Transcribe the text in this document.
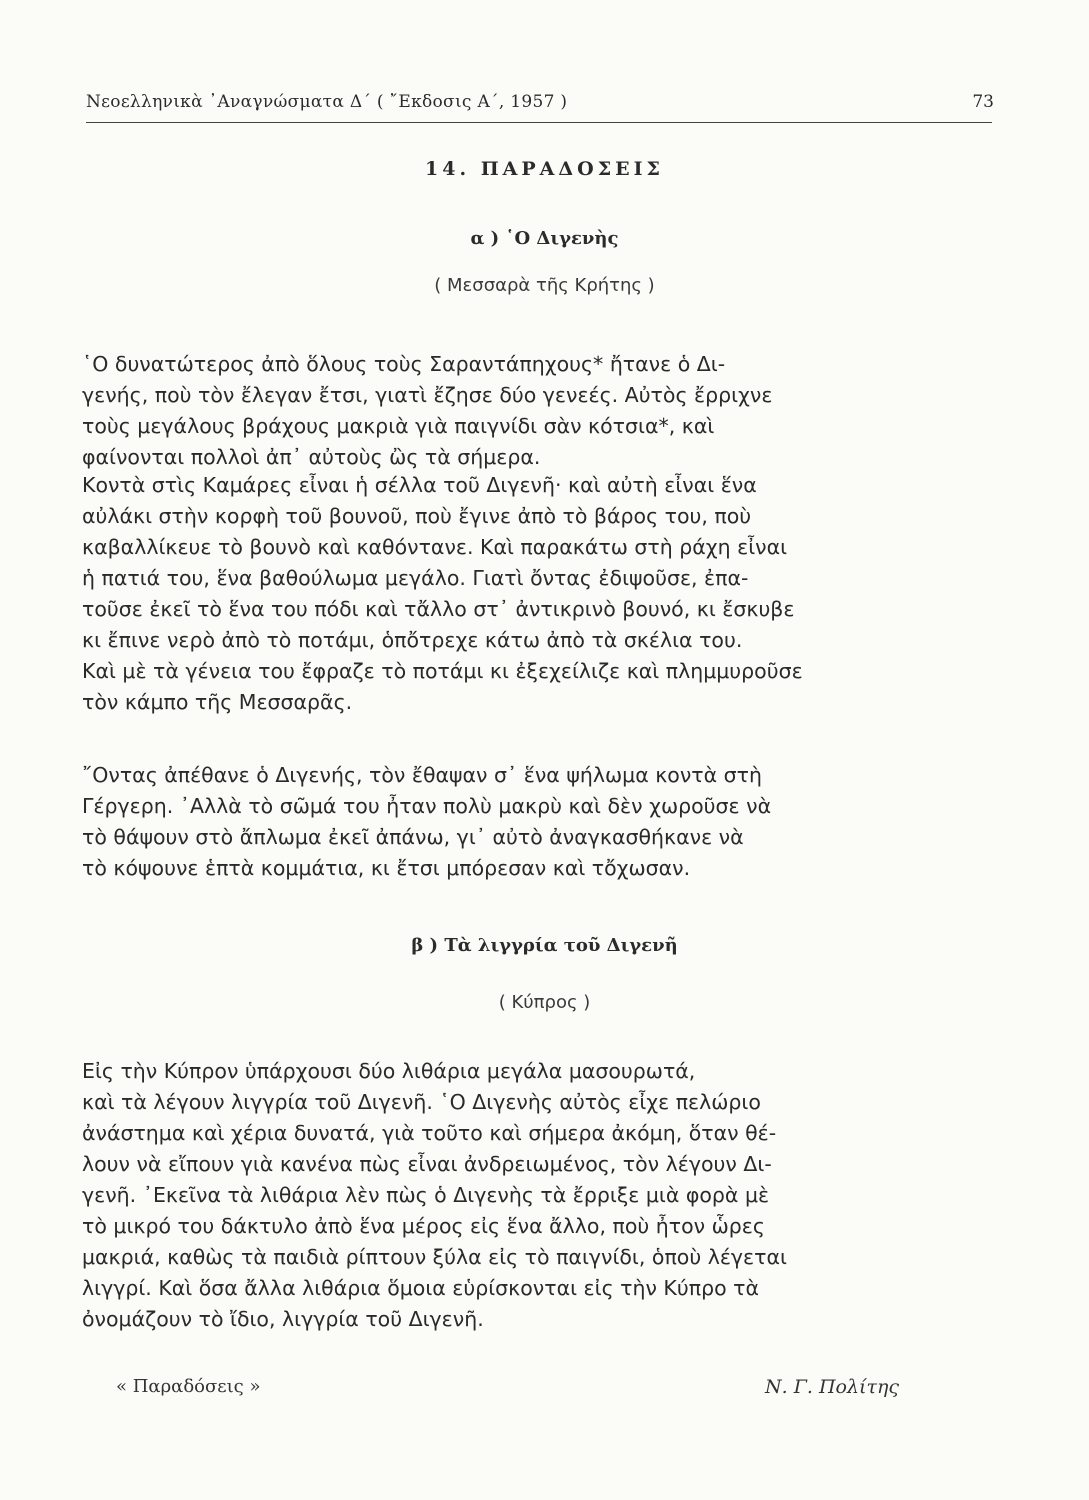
Νεοελληνικὰ ᾿Αναγνώσματα Δ΄ ( ῎Εκδοσις Α΄, 1957 )	73
14. ΠΑΡΑΔΟΣΕΙΣ
α ) ῾Ο Διγενὴς
( Μεσσαρὰ τῆς Κρήτης )
῾Ο δυνατώτερος ἀπὸ ὅλους τοὺς Σαραντάπηχους* ἤτανε ὁ Δι-
γενής, ποὺ τὸν ἔλεγαν ἔτσι, γιατὶ ἔζησε δύο γενεές. Αὐτὸς ἔρριχνε
τοὺς μεγάλους βράχους μακριὰ γιὰ παιγνίδι σὰν κότσια*, καὶ
φαίνονται πολλοὶ ἀπ᾿ αὐτοὺς ὢς τὰ σήμερα.
Κοντὰ στὶς Καμάρες εἶναι ἡ σέλλα τοῦ Διγενῆ· καὶ αὐτὴ εἶναι ἕνα
αὐλάκι στὴν κορφὴ τοῦ βουνοῦ, ποὺ ἔγινε ἀπὸ τὸ βάρος του, ποὺ
καβαλλίκευε τὸ βουνὸ καὶ καθόντανε. Καὶ παρακάτω στὴ ράχη εἶναι
ἡ πατιά του, ἕνα βαθούλωμα μεγάλο. Γιατὶ ὄντας ἐδιψοῦσε, ἐπα-
τοῦσε ἐκεῖ τὸ ἕνα του πόδι καὶ τἄλλο στ᾿ ἀντικρινὸ βουνό, κι ἔσκυβε
κι ἔπινε νερὸ ἀπὸ τὸ ποτάμι, ὁπὄτρεχε κάτω ἀπὸ τὰ σκέλια του.
Καὶ μὲ τὰ γένεια του ἔφραζε τὸ ποτάμι κι ἐξεχείλιζε καὶ πλημμυροῦσε
τὸν κάμπο τῆς Μεσσαρᾶς.
῎Οντας ἀπέθανε ὁ Διγενής, τὸν ἔθαψαν σ᾿ ἕνα ψήλωμα κοντὰ στὴ
Γέργερη. ᾿Αλλὰ τὸ σῶμά του ἦταν πολὺ μακρὺ καὶ δὲν χωροῦσε νὰ
τὸ θάψουν στὸ ἄπλωμα ἐκεῖ ἀπάνω, γι᾿ αὐτὸ ἀναγκασθήκανε νὰ
τὸ κόψουνε ἑπτὰ κομμάτια, κι ἔτσι μπόρεσαν καὶ τὄχωσαν.
β ) Τὰ λιγγρία τοῦ Διγενῆ
( Κύπρος )
Εἰς τὴν Κύπρον ὑπάρχουσι δύο λιθάρια μεγάλα μασουρωτά,
καὶ τὰ λέγουν λιγγρία τοῦ Διγενῆ. ῾Ο Διγενὴς αὐτὸς εἶχε πελώριο
ἀνάστημα καὶ χέρια δυνατά, γιὰ τοῦτο καὶ σήμερα ἀκόμη, ὅταν θέ-
λουν νὰ εἴπουν γιὰ κανένα πὼς εἶναι ἀνδρειωμένος, τὸν λέγουν Δι-
γενῆ. ᾿Εκεῖνα τὰ λιθάρια λὲν πὼς ὁ Διγενὴς τὰ ἔρριξε μιὰ φορὰ μὲ
τὸ μικρό του δάκτυλο ἀπὸ ἕνα μέρος εἰς ἕνα ἄλλο, ποὺ ἦτον ὧρες
μακριά, καθὼς τὰ παιδιὰ ρίπτουν ξύλα εἰς τὸ παιγνίδι, ὁποὺ λέγεται
λιγγρί. Καὶ ὅσα ἄλλα λιθάρια ὅμοια εὑρίσκονται εἰς τὴν Κύπρο τὰ
ὀνομάζουν τὸ ἴδιο, λιγγρία τοῦ Διγενῆ.
« Παραδόσεις »	Ν. Γ. Πολίτης
